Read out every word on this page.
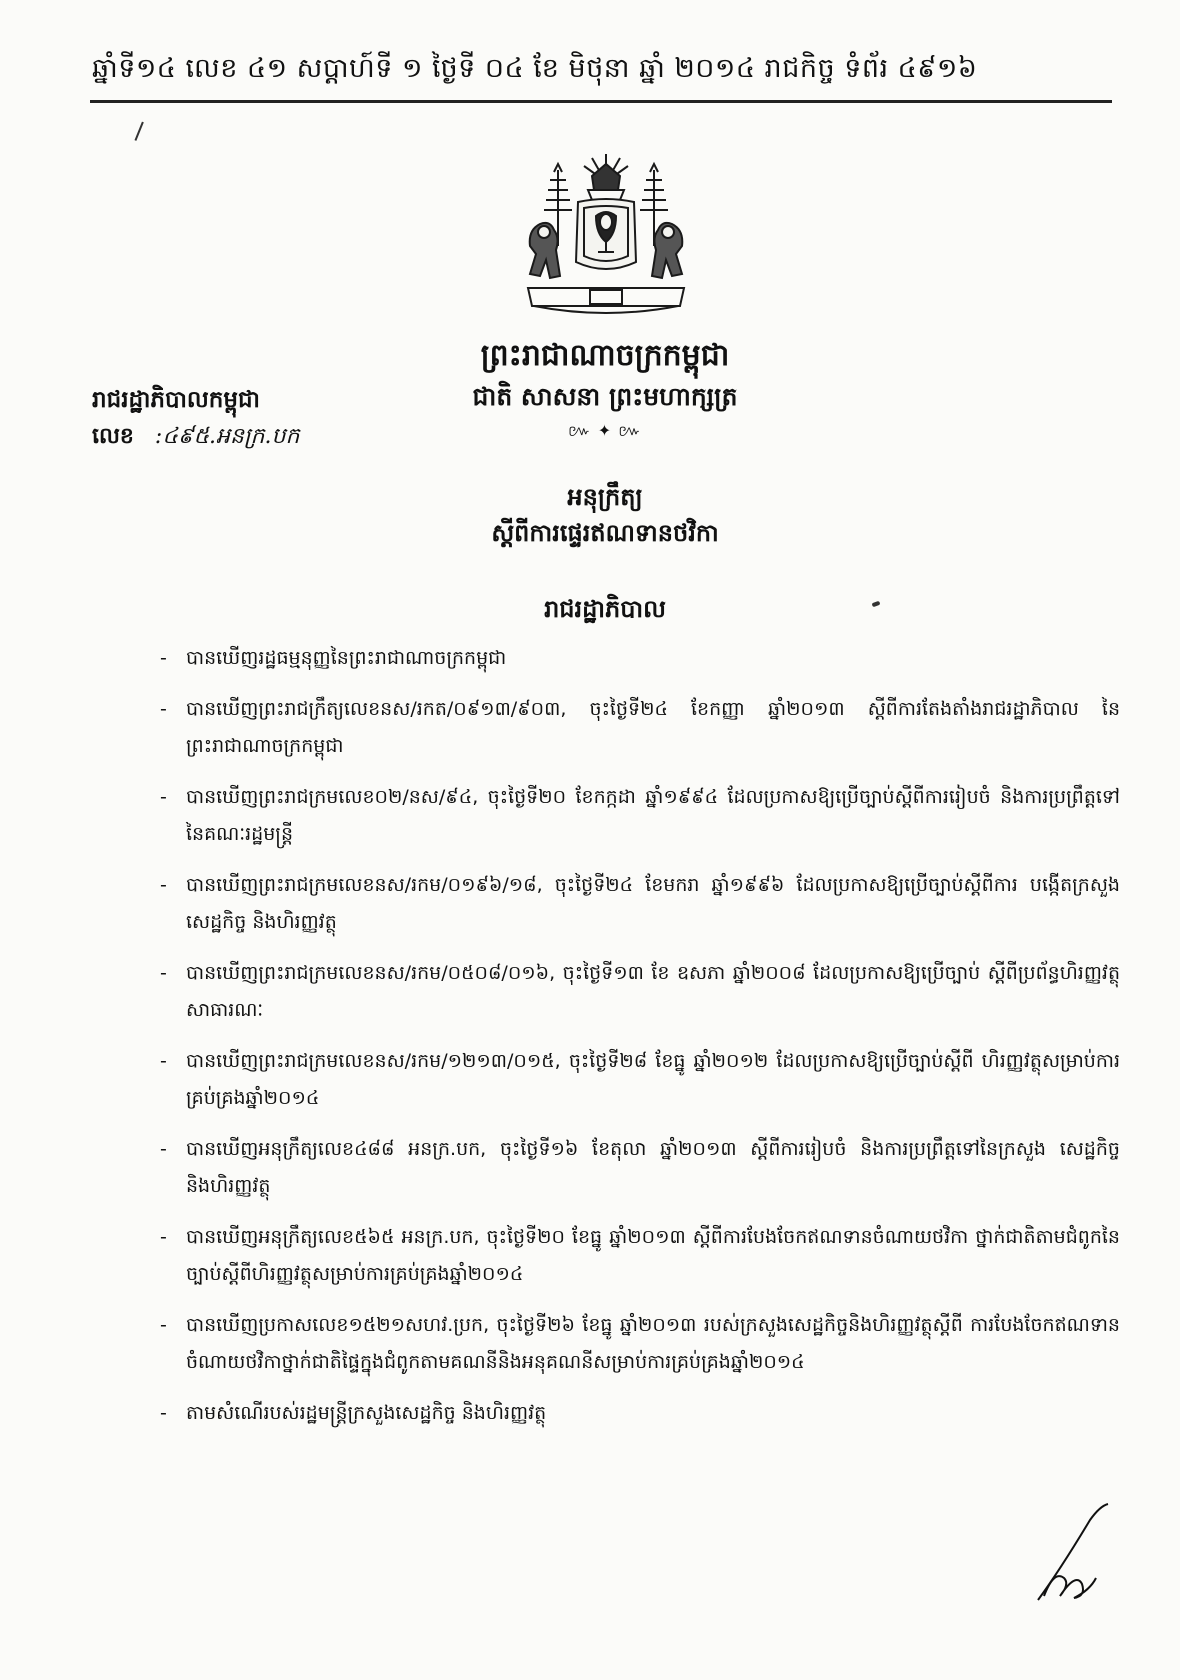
ឆ្នាំទី១៤ លេខ ៤១ សប្តាហ៍ទី ១ ថ្ងៃទី ០៤ ខែ មិថុនា ឆ្នាំ ២០១៤ រាជកិច្ច ទំព័រ ៤៩១៦
ព្រះរាជាណាចក្រកម្ពុជា
ជាតិ សាសនា ព្រះមហាក្សត្រ
៚ ✦ ៚
រាជរដ្ឋាភិបាលកម្ពុជា
លេខ :៤៩៥.អនក្រ.បក
អនុក្រឹត្យ
ស្តីពីការផ្ទេរឥណទានថវិកា
រាជរដ្ឋាភិបាល
- បានឃើញរដ្ឋធម្មនុញ្ញនៃព្រះរាជាណាចក្រកម្ពុជា
- បានឃើញព្រះរាជក្រឹត្យលេខនស/រកត/០៩១៣/៩០៣, ចុះថ្ងៃទី២៤ ខែកញ្ញា ឆ្នាំ២០១៣ ស្តីពីការតែងតាំងរាជរដ្ឋាភិបាល នៃព្រះរាជាណាចក្រកម្ពុជា
- បានឃើញព្រះរាជក្រមលេខ០២/នស/៩៤, ចុះថ្ងៃទី២០ ខែកក្កដា ឆ្នាំ១៩៩៤ ដែលប្រកាសឱ្យប្រើច្បាប់ស្តីពីការរៀបចំ និងការប្រព្រឹត្តទៅនៃគណៈរដ្ឋមន្ត្រី
- បានឃើញព្រះរាជក្រមលេខនស/រកម/០១៩៦/១៨, ចុះថ្ងៃទី២៤ ខែមករា ឆ្នាំ១៩៩៦ ដែលប្រកាសឱ្យប្រើច្បាប់ស្តីពីការ បង្កើតក្រសួងសេដ្ឋកិច្ច និងហិរញ្ញវត្ថុ
- បានឃើញព្រះរាជក្រមលេខនស/រកម/០៥០៨/០១៦, ចុះថ្ងៃទី១៣ ខែ ឧសភា ឆ្នាំ២០០៨ ដែលប្រកាសឱ្យប្រើច្បាប់ ស្តីពីប្រព័ន្ធហិរញ្ញវត្ថុសាធារណៈ
- បានឃើញព្រះរាជក្រមលេខនស/រកម/១២១៣/០១៥, ចុះថ្ងៃទី២៨ ខែធ្នូ ឆ្នាំ២០១២ ដែលប្រកាសឱ្យប្រើច្បាប់ស្តីពី ហិរញ្ញវត្ថុសម្រាប់ការគ្រប់គ្រងឆ្នាំ២០១៤
- បានឃើញអនុក្រឹត្យលេខ៤៨៨ អនក្រ.បក, ចុះថ្ងៃទី១៦ ខែតុលា ឆ្នាំ២០១៣ ស្តីពីការរៀបចំ និងការប្រព្រឹត្តទៅនៃក្រសួង សេដ្ឋកិច្ច និងហិរញ្ញវត្ថុ
- បានឃើញអនុក្រឹត្យលេខ៥៦៥ អនក្រ.បក, ចុះថ្ងៃទី២០ ខែធ្នូ ឆ្នាំ២០១៣ ស្តីពីការបែងចែកឥណទានចំណាយថវិកា ថ្នាក់ជាតិតាមជំពូកនៃច្បាប់ស្តីពីហិរញ្ញវត្ថុសម្រាប់ការគ្រប់គ្រងឆ្នាំ២០១៤
- បានឃើញប្រកាសលេខ១៥២១សហវ.ប្រក, ចុះថ្ងៃទី២៦ ខែធ្នូ ឆ្នាំ២០១៣ របស់ក្រសួងសេដ្ឋកិច្ចនិងហិរញ្ញវត្ថុស្តីពី ការបែងចែកឥណទានចំណាយថវិកាថ្នាក់ជាតិផ្ទៃក្នុងជំពូកតាមគណនីនិងអនុគណនីសម្រាប់ការគ្រប់គ្រងឆ្នាំ២០១៤
- តាមសំណើរបស់រដ្ឋមន្ត្រីក្រសួងសេដ្ឋកិច្ច និងហិរញ្ញវត្ថុ
